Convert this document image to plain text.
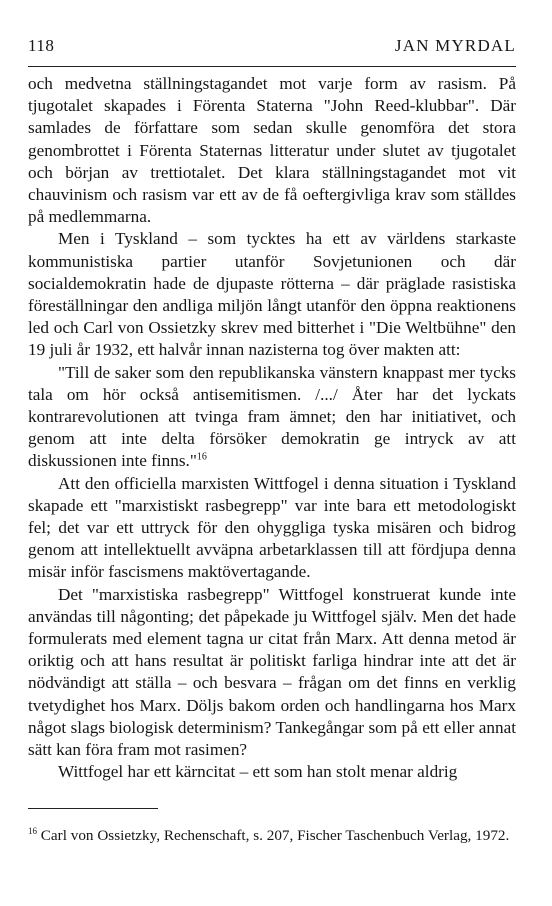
118	JAN MYRDAL

och medvetna ställningstagandet mot varje form av rasism. På tjugotalet skapades i Förenta Staterna "John Reed-klubbar". Där samlades de författare som sedan skulle genomföra det stora genombrottet i Förenta Staternas litteratur under slutet av tjugotalet och början av trettiotalet. Det klara ställningstagandet mot vit chauvinism och rasism var ett av de få oeftergivliga krav som ställdes på medlemmarna.

Men i Tyskland – som tycktes ha ett av världens starkaste kommunistiska partier utanför Sovjetunionen och där socialdemokratin hade de djupaste rötterna – där präglade rasistiska föreställningar den andliga miljön långt utanför den öppna reaktionens led och Carl von Ossietzky skrev med bitterhet i "Die Weltbühne" den 19 juli år 1932, ett halvår innan nazisterna tog över makten att:

"Till de saker som den republikanska vänstern knappast mer tycks tala om hör också antisemitismen. /.../ Åter har det lyckats kontrarevolutionen att tvinga fram ämnet; den har initiativet, och genom att inte delta försöker demokratin ge intryck av att diskussionen inte finns."$^{16}$

Att den officiella marxisten Wittfogel i denna situation i Tyskland skapade ett "marxistiskt rasbegrepp" var inte bara ett metodologiskt fel; det var ett uttryck för den ohyggliga tyska misären och bidrog genom att intellektuellt avväpna arbetarklassen till att fördjupa denna misär inför fascismens maktövertagande.

Det "marxistiska rasbegrepp" Wittfogel konstruerat kunde inte användas till någonting; det påpekade ju Wittfogel själv. Men det hade formulerats med element tagna ur citat från Marx. Att denna metod är oriktig och att hans resultat är politiskt farliga hindrar inte att det är nödvändigt att ställa – och besvara – frågan om det finns en verklig tvetydighet hos Marx. Döljs bakom orden och handlingarna hos Marx något slags biologisk determinism? Tankegångar som på ett eller annat sätt kan föra fram mot rasimen?

Wittfogel har ett kärncitat – ett som han stolt menar aldrig

$^{16}$ Carl von Ossietzky, Rechenschaft, s. 207, Fischer Taschenbuch Verlag, 1972.
